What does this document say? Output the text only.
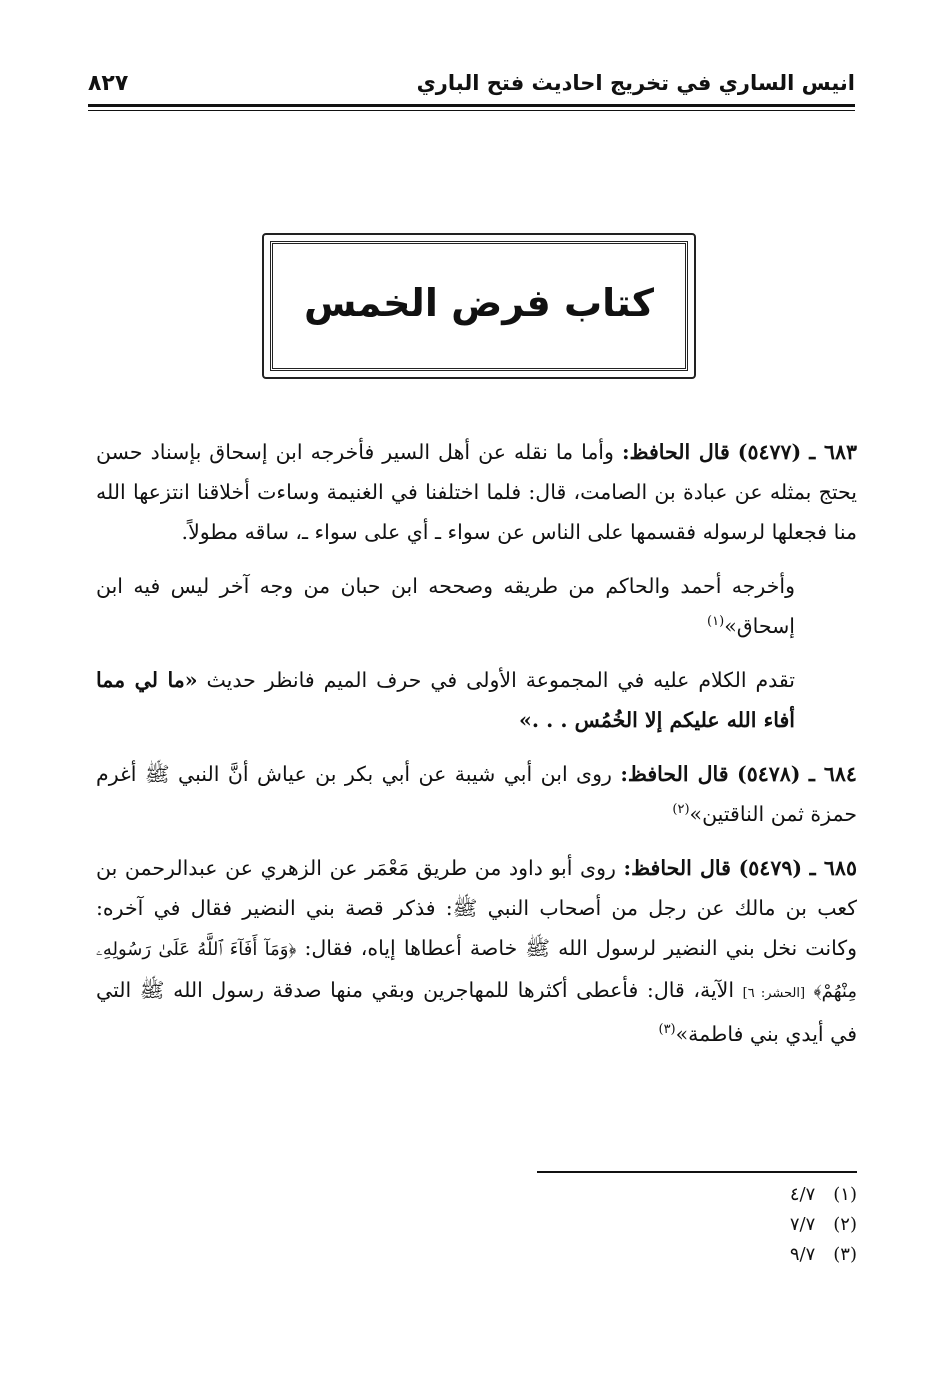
انيس الساري في تخريج احاديث فتح الباري
٨٢٧
كتاب فرض الخمس
٦٨٣ ـ (٥٤٧٧) قال الحافظ: وأما ما نقله عن أهل السير فأخرجه ابن إسحاق بإسناد حسن يحتج بمثله عن عبادة بن الصامت، قال: فلما اختلفنا في الغنيمة وساءت أخلاقنا انتزعها الله منا فجعلها لرسوله فقسمها على الناس عن سواء ـ أي على سواء ـ، ساقه مطولاً.
وأخرجه أحمد والحاكم من طريقه وصححه ابن حبان من وجه آخر ليس فيه ابن إسحاق»$^{(١)}$
تقدم الكلام عليه في المجموعة الأولى في حرف الميم فانظر حديث «ما لي مما أفاء الله عليكم إلا الخُمُس . . .»
٦٨٤ ـ (٥٤٧٨) قال الحافظ: روى ابن أبي شيبة عن أبي بكر بن عياش أنَّ النبي ﷺ أغرم حمزة ثمن الناقتين»$^{(٢)}$
٦٨٥ ـ (٥٤٧٩) قال الحافظ: روى أبو داود من طريق مَعْمَر عن الزهري عن عبدالرحمن بن كعب بن مالك عن رجل من أصحاب النبي ﷺ: فذكر قصة بني النضير فقال في آخره: وكانت نخل بني النضير لرسول الله ﷺ خاصة أعطاها إياه، فقال: ﴿وَمَآ أَفَآءَ ٱللَّهُ عَلَىٰ رَسُولِهِۦ مِنْهُمْ﴾ [الحشر: ٦] الآية، قال: فأعطى أكثرها للمهاجرين وبقي منها صدقة رسول الله ﷺ التي في أيدي بني فاطمة»$^{(٣)}$
(١)
٤/٧
(٢)
٧/٧
(٣)
٩/٧
